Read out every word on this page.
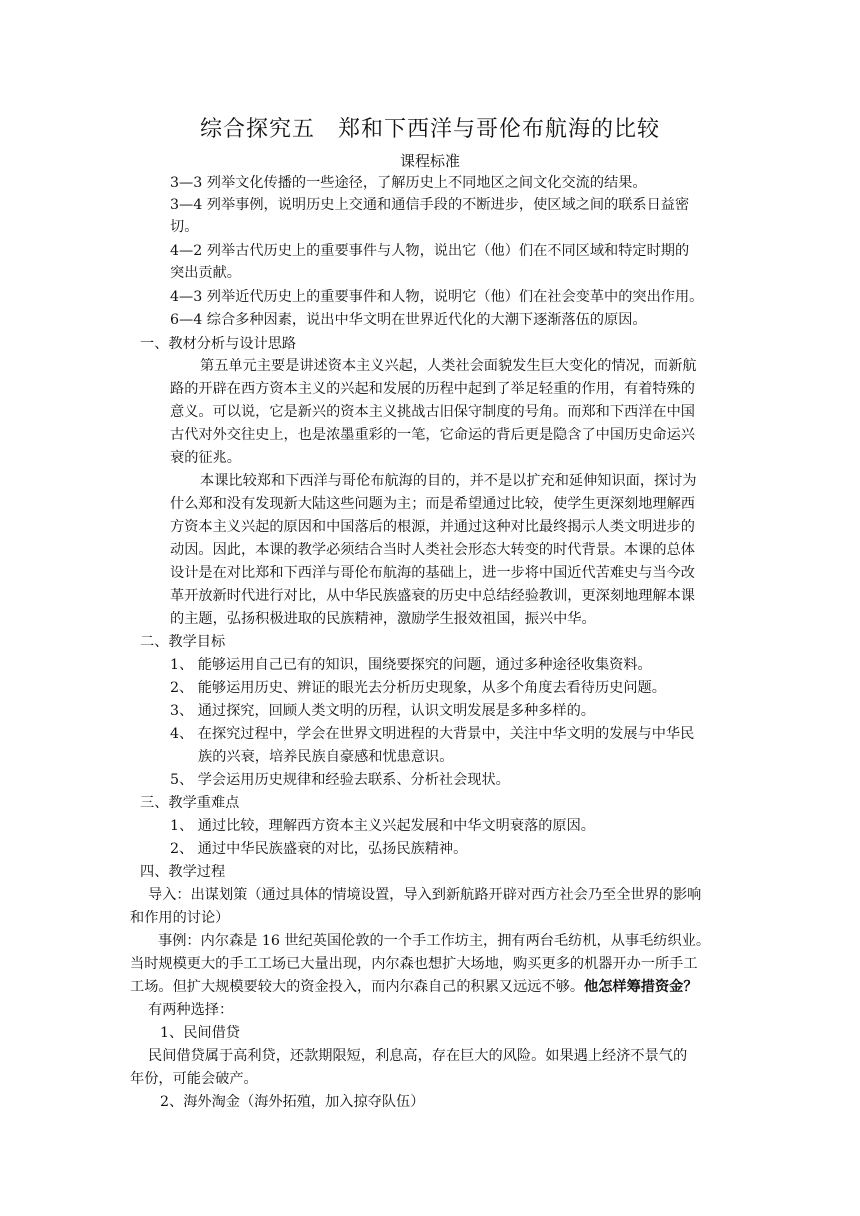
综合探究五　郑和下西洋与哥伦布航海的比较
课程标准
3—3 列举文化传播的一些途径，了解历史上不同地区之间文化交流的结果。
3—4 列举事例，说明历史上交通和通信手段的不断进步，使区域之间的联系日益密
切。
4—2 列举古代历史上的重要事件与人物，说出它（他）们在不同区域和特定时期的
突出贡献。
4—3 列举近代历史上的重要事件和人物，说明它（他）们在社会变革中的突出作用。
6—4 综合多种因素，说出中华文明在世界近代化的大潮下逐渐落伍的原因。
一、教材分析与设计思路
第五单元主要是讲述资本主义兴起，人类社会面貌发生巨大变化的情况，而新航
路的开辟在西方资本主义的兴起和发展的历程中起到了举足轻重的作用，有着特殊的
意义。可以说，它是新兴的资本主义挑战古旧保守制度的号角。而郑和下西洋在中国
古代对外交往史上，也是浓墨重彩的一笔，它命运的背后更是隐含了中国历史命运兴
衰的征兆。
本课比较郑和下西洋与哥伦布航海的目的，并不是以扩充和延伸知识面，探讨为
什么郑和没有发现新大陆这些问题为主；而是希望通过比较，使学生更深刻地理解西
方资本主义兴起的原因和中国落后的根源，并通过这种对比最终揭示人类文明进步的
动因。因此，本课的教学必须结合当时人类社会形态大转变的时代背景。本课的总体
设计是在对比郑和下西洋与哥伦布航海的基础上，进一步将中国近代苦难史与当今改
革开放新时代进行对比，从中华民族盛衰的历史中总结经验教训，更深刻地理解本课
的主题，弘扬积极进取的民族精神，激励学生报效祖国，振兴中华。
二、教学目标
1、 能够运用自己已有的知识，围绕要探究的问题，通过多种途径收集资料。
2、 能够运用历史、辨证的眼光去分析历史现象，从多个角度去看待历史问题。
3、 通过探究，回顾人类文明的历程，认识文明发展是多种多样的。
4、 在探究过程中，学会在世界文明进程的大背景中，关注中华文明的发展与中华民
族的兴衰，培养民族自豪感和忧患意识。
5、 学会运用历史规律和经验去联系、分析社会现状。
三、教学重难点
1、 通过比较，理解西方资本主义兴起发展和中华文明衰落的原因。
2、 通过中华民族盛衰的对比，弘扬民族精神。
四、教学过程
导入：出谋划策（通过具体的情境设置，导入到新航路开辟对西方社会乃至全世界的影响
和作用的讨论）
事例：内尔森是 16 世纪英国伦敦的一个手工作坊主，拥有两台毛纺机，从事毛纺织业。
当时规模更大的手工工场已大量出现，内尔森也想扩大场地，购买更多的机器开办一所手工
工场。但扩大规模要较大的资金投入，而内尔森自己的积累又远远不够。他怎样筹措资金？
有两种选择：
1、民间借贷
民间借贷属于高利贷，还款期限短，利息高，存在巨大的风险。如果遇上经济不景气的
年份，可能会破产。
2、海外淘金（海外拓殖，加入掠夺队伍）
